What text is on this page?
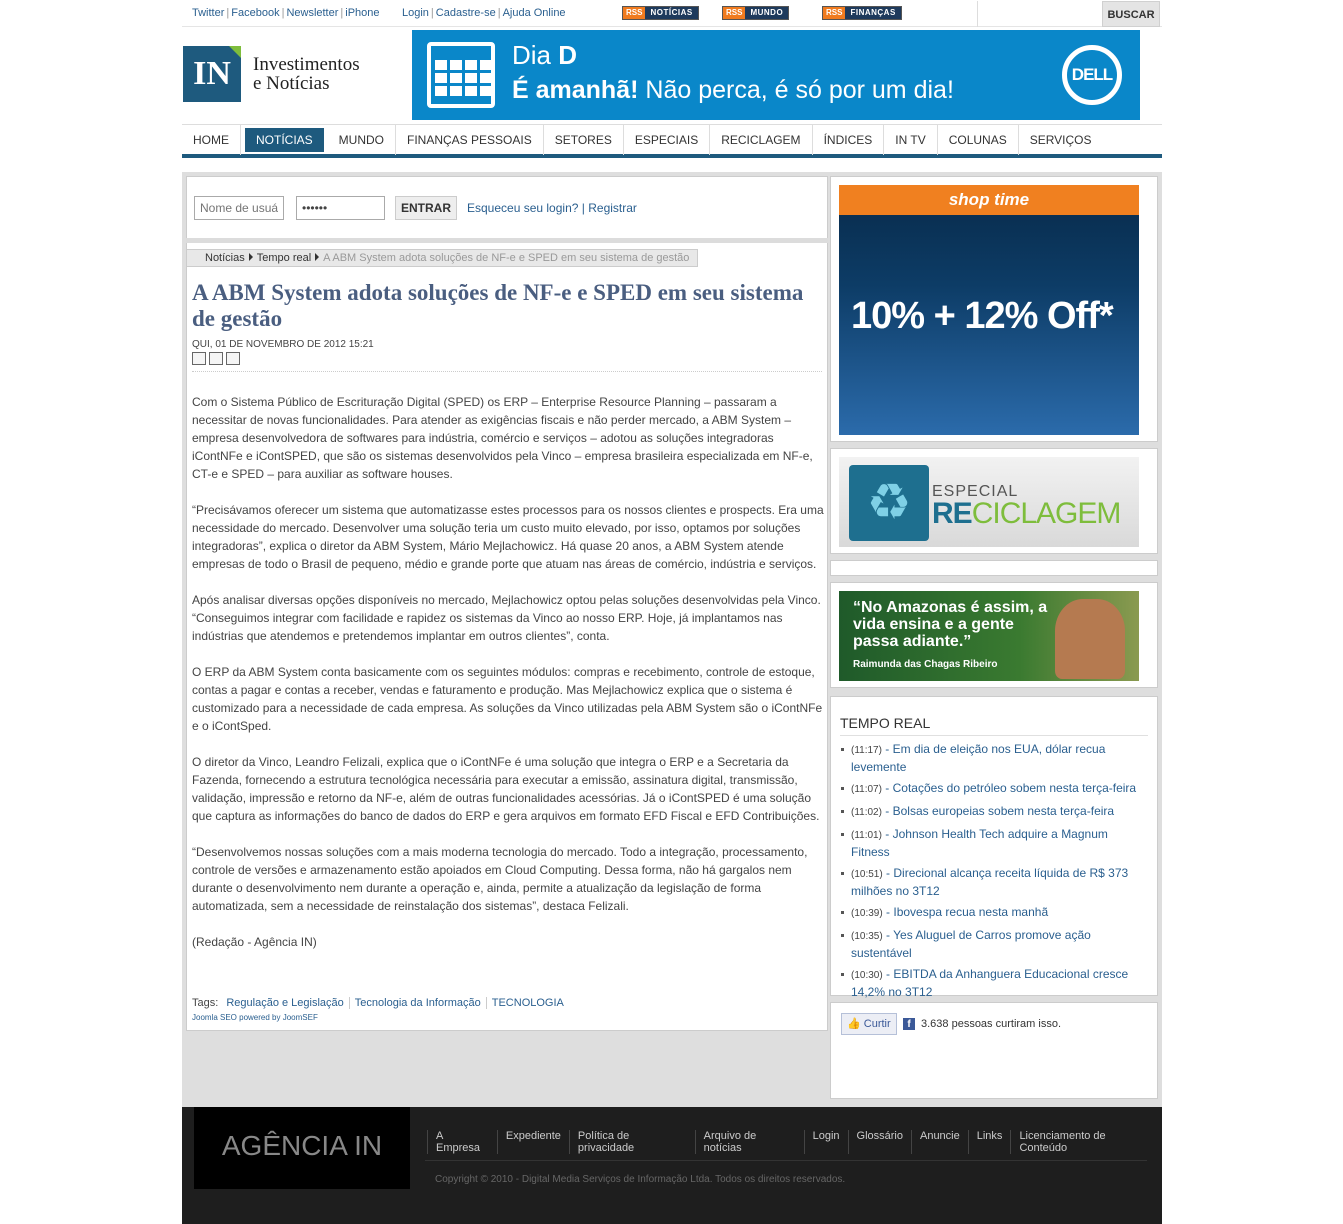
Twitter | Facebook | Newsletter | iPhone Login | Cadastre-se | Ajuda Online	RSS	NOTÍCIAS	RSS	MUNDO	RSS	FINANÇAS	BUSCAR
IN	Investimentos
e Notícias
Dia D
É amanhã! Não perca, é só por um dia!
DELL
HOME	NOTÍCIAS	MUNDO	FINANÇAS PESSOAIS	SETORES	ESPECIAIS	RECICLAGEM	ÍNDICES	IN TV	COLUNAS	SERVIÇOS
Nome de usuário
••••••
ENTRAR	Esqueceu seu login? | Registrar
Notícias Tempo real A ABM System adota soluções de NF-e e SPED em seu sistema de gestão
A ABM System adota soluções de NF-e e SPED em seu sistema de gestão
QUI, 01 DE NOVEMBRO DE 2012 15:21

Com o Sistema Público de Escrituração Digital (SPED) os ERP – Enterprise Resource Planning – passaram a necessitar de novas funcionalidades. Para atender as exigências fiscais e não perder mercado, a ABM System – empresa desenvolvedora de softwares para indústria, comércio e serviços – adotou as soluções integradoras iContNFe e iContSPED, que são os sistemas desenvolvidos pela Vinco – empresa brasileira especializada em NF-e, CT-e e SPED – para auxiliar as software houses.

“Precisávamos oferecer um sistema que automatizasse estes processos para os nossos clientes e prospects. Era uma necessidade do mercado. Desenvolver uma solução teria um custo muito elevado, por isso, optamos por soluções integradoras”, explica o diretor da ABM System, Mário Mejlachowicz. Há quase 20 anos, a ABM System atende empresas de todo o Brasil de pequeno, médio e grande porte que atuam nas áreas de comércio, indústria e serviços.

Após analisar diversas opções disponíveis no mercado, Mejlachowicz optou pelas soluções desenvolvidas pela Vinco. “Conseguimos integrar com facilidade e rapidez os sistemas da Vinco ao nosso ERP. Hoje, já implantamos nas indústrias que atendemos e pretendemos implantar em outros clientes”, conta.

O ERP da ABM System conta basicamente com os seguintes módulos: compras e recebimento, controle de estoque, contas a pagar e contas a receber, vendas e faturamento e produção. Mas Mejlachowicz explica que o sistema é customizado para a necessidade de cada empresa. As soluções da Vinco utilizadas pela ABM System são o iContNFe e o iContSped.

O diretor da Vinco, Leandro Felizali, explica que o iContNFe é uma solução que integra o ERP e a Secretaria da Fazenda, fornecendo a estrutura tecnológica necessária para executar a emissão, assinatura digital, transmissão, validação, impressão e retorno da NF-e, além de outras funcionalidades acessórias. Já o iContSPED é uma solução que captura as informações do banco de dados do ERP e gera arquivos em formato EFD Fiscal e EFD Contribuições.

“Desenvolvemos nossas soluções com a mais moderna tecnologia do mercado. Todo a integração, processamento, controle de versões e armazenamento estão apoiados em Cloud Computing. Dessa forma, não há gargalos nem durante o desenvolvimento nem durante a operação e, ainda, permite a atualização da legislação de forma automatizada, sem a necessidade de reinstalação dos sistemas”, destaca Felizali.

(Redação - Agência IN)

Tags: Regulação e Legislação Tecnologia da Informação TECNOLOGIA
Joomla SEO powered by JoomSEF
shop time
10% + 12% Off*
♻	ESPECIAL
RECICLAGEM
“No Amazonas é assim, a vida ensina e a gente passa adiante.”
Raimunda das Chagas Ribeiro
TEMPO REAL
(11:17) - Em dia de eleição nos EUA, dólar recua levemente
(11:07) - Cotações do petróleo sobem nesta terça-feira
(11:02) - Bolsas europeias sobem nesta terça-feira
(11:01) - Johnson Health Tech adquire a Magnum Fitness
(10:51) - Direcional alcança receita líquida de R$ 373 milhões no 3T12
(10:39) - Ibovespa recua nesta manhã
(10:35) - Yes Aluguel de Carros promove ação sustentável
(10:30) - EBITDA da Anhanguera Educacional cresce 14,2% no 3T12
👍 Curtir	f 3.638 pessoas curtiram isso.
AGÊNCIA IN	A Empresa
Expediente	Política de privacidade
Arquivo de notícias
Login	Glossário	Anuncie	Links	Licenciamento de Conteúdo
Copyright © 2010 - Digital Media Serviços de Informação Ltda. Todos os direitos reservados.
